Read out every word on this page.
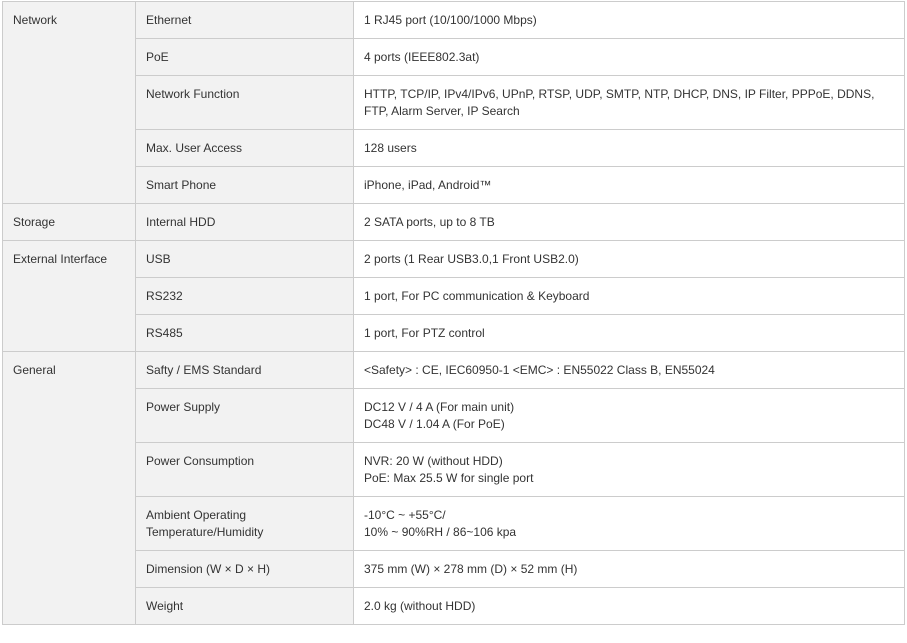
Network	Ethernet	1 RJ45 port (10/100/1000 Mbps)

	PoE	4 ports (IEEE802.3at)

	Network Function	HTTP, TCP/IP, IPv4/IPv6, UPnP, RTSP, UDP, SMTP, NTP, DHCP, DNS, IP Filter, PPPoE, DDNS,
FTP, Alarm Server, IP Search

	Max. User Access	128 users

	Smart Phone	iPhone, iPad, Android™

Storage	Internal HDD	2 SATA ports, up to 8 TB

External Interface	USB	2 ports (1 Rear USB3.0,1 Front USB2.0)

	RS232	1 port, For PC communication & Keyboard

	RS485	1 port, For PTZ control

General	Safty / EMS Standard	<Safety> : CE, IEC60950-1 <EMC> : EN55022 Class B, EN55024

	Power Supply	DC12 V / 4 A (For main unit)
DC48 V / 1.04 A (For PoE)

	Power Consumption	NVR: 20 W (without HDD)
PoE: Max 25.5 W for single port

	Ambient Operating
Temperature/Humidity	-10°C ~ +55°C/
10% ~ 90%RH / 86~106 kpa

	Dimension (W × D × H)	375 mm (W) × 278 mm (D) × 52 mm (H)

	Weight	2.0 kg (without HDD)
